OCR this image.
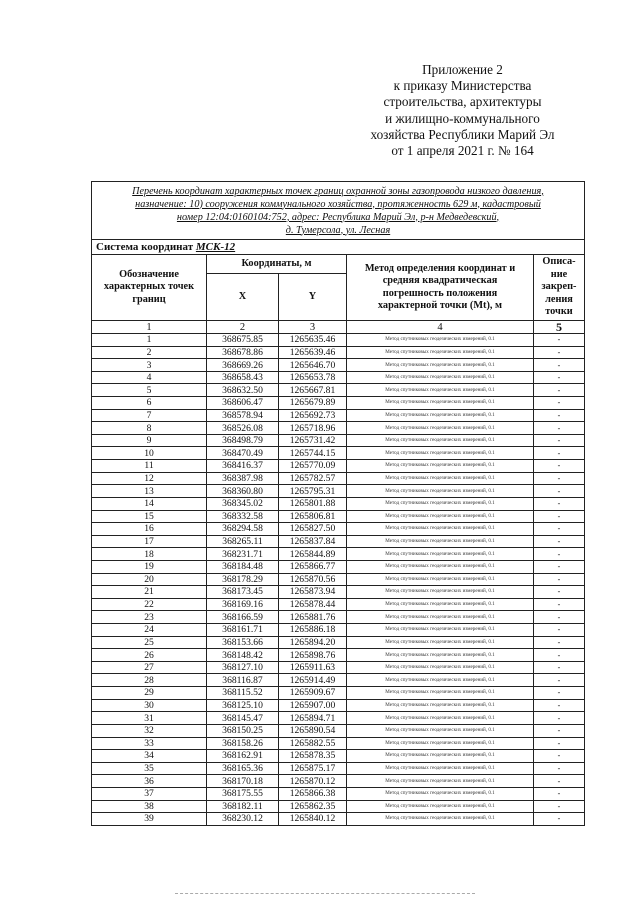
Приложение 2
к приказу Министерства
строительства, архитектуры
и жилищно-коммунального
хозяйства Республики Марий Эл
от 1 апреля 2021 г. № 164
Перечень координат характерных точек границ охранной зоны газопровода низкого давления,
назначение: 10) сооружения коммунального хозяйства, протяженность 629 м, кадастровый
номер 12:04:0160104:752, адрес: Республика Марий Эл, р-н Медведевский,
д. Тумерсола, ул. Лесная				

Система координат МСК-12				

Обозначение
характерных точек
границ	Координаты, м		Метод определения координат и
средняя квадратическая
погрешность положения
характерной точки (Mt), м	Описа-
ние
закреп-
ления
точки

	X	Y		
1	2	3	4	5
1	368675.85	1265635.46	Метод спутниковых геодезических измерений, 0.1	-
2	368678.86	1265639.46	Метод спутниковых геодезических измерений, 0.1	-
3	368669.26	1265646.70	Метод спутниковых геодезических измерений, 0.1	-
4	368658.43	1265653.78	Метод спутниковых геодезических измерений, 0.1	-
5	368632.50	1265667.81	Метод спутниковых геодезических измерений, 0.1	-
6	368606.47	1265679.89	Метод спутниковых геодезических измерений, 0.1	-
7	368578.94	1265692.73	Метод спутниковых геодезических измерений, 0.1	-
8	368526.08	1265718.96	Метод спутниковых геодезических измерений, 0.1	-
9	368498.79	1265731.42	Метод спутниковых геодезических измерений, 0.1	-
10	368470.49	1265744.15	Метод спутниковых геодезических измерений, 0.1	-
11	368416.37	1265770.09	Метод спутниковых геодезических измерений, 0.1	-
12	368387.98	1265782.57	Метод спутниковых геодезических измерений, 0.1	-
13	368360.80	1265795.31	Метод спутниковых геодезических измерений, 0.1	-
14	368345.02	1265801.88	Метод спутниковых геодезических измерений, 0.1	-
15	368332.58	1265806.81	Метод спутниковых геодезических измерений, 0.1	-
16	368294.58	1265827.50	Метод спутниковых геодезических измерений, 0.1	-
17	368265.11	1265837.84	Метод спутниковых геодезических измерений, 0.1	-
18	368231.71	1265844.89	Метод спутниковых геодезических измерений, 0.1	-
19	368184.48	1265866.77	Метод спутниковых геодезических измерений, 0.1	-
20	368178.29	1265870.56	Метод спутниковых геодезических измерений, 0.1	-
21	368173.45	1265873.94	Метод спутниковых геодезических измерений, 0.1	-
22	368169.16	1265878.44	Метод спутниковых геодезических измерений, 0.1	-
23	368166.59	1265881.76	Метод спутниковых геодезических измерений, 0.1	-
24	368161.71	1265886.18	Метод спутниковых геодезических измерений, 0.1	-
25	368153.66	1265894.20	Метод спутниковых геодезических измерений, 0.1	-
26	368148.42	1265898.76	Метод спутниковых геодезических измерений, 0.1	-
27	368127.10	1265911.63	Метод спутниковых геодезических измерений, 0.1	-
28	368116.87	1265914.49	Метод спутниковых геодезических измерений, 0.1	-
29	368115.52	1265909.67	Метод спутниковых геодезических измерений, 0.1	-
30	368125.10	1265907.00	Метод спутниковых геодезических измерений, 0.1	-
31	368145.47	1265894.71	Метод спутниковых геодезических измерений, 0.1	-
32	368150.25	1265890.54	Метод спутниковых геодезических измерений, 0.1	-
33	368158.26	1265882.55	Метод спутниковых геодезических измерений, 0.1	-
34	368162.91	1265878.35	Метод спутниковых геодезических измерений, 0.1	-
35	368165.36	1265875.17	Метод спутниковых геодезических измерений, 0.1	-
36	368170.18	1265870.12	Метод спутниковых геодезических измерений, 0.1	-
37	368175.55	1265866.38	Метод спутниковых геодезических измерений, 0.1	-
38	368182.11	1265862.35	Метод спутниковых геодезических измерений, 0.1	-
39	368230.12	1265840.12	Метод спутниковых геодезических измерений, 0.1	-
